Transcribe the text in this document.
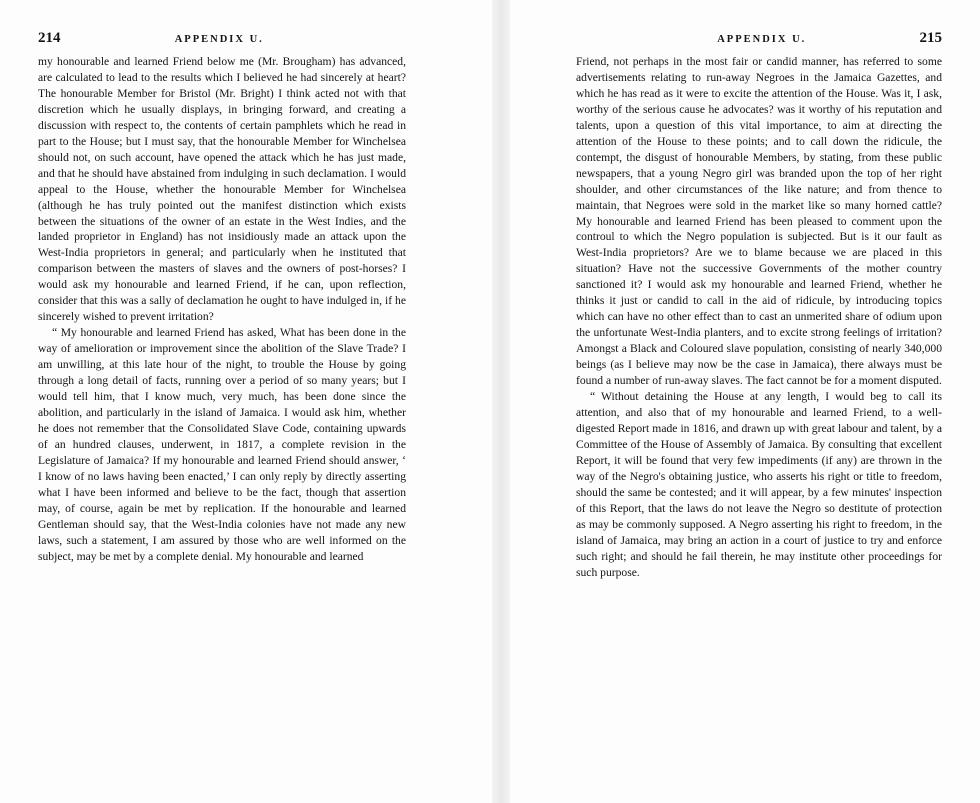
214	APPENDIX U.

my honourable and learned Friend below me (Mr. Brougham) has advanced, are calculated to lead to the results which I believed he had sincerely at heart? The honourable Member for Bristol (Mr. Bright) I think acted not with that discretion which he usually displays, in bringing forward, and creating a discussion with respect to, the contents of certain pamphlets which he read in part to the House; but I must say, that the honourable Member for Winchelsea should not, on such account, have opened the attack which he has just made, and that he should have abstained from indulging in such declamation. I would appeal to the House, whether the honourable Member for Winchelsea (although he has truly pointed out the manifest distinction which exists between the situations of the owner of an estate in the West Indies, and the landed proprietor in England) has not insidiously made an attack upon the West-India proprietors in general; and particularly when he instituted that comparison between the masters of slaves and the owners of post-horses? I would ask my honourable and learned Friend, if he can, upon reflection, consider that this was a sally of declamation he ought to have indulged in, if he sincerely wished to prevent irritation?

“ My honourable and learned Friend has asked, What has been done in the way of amelioration or improvement since the abolition of the Slave Trade? I am unwilling, at this late hour of the night, to trouble the House by going through a long detail of facts, running over a period of so many years; but I would tell him, that I know much, very much, has been done since the abolition, and particularly in the island of Jamaica. I would ask him, whether he does not remember that the Consolidated Slave Code, containing upwards of an hundred clauses, underwent, in 1817, a complete revision in the Legislature of Jamaica? If my honourable and learned Friend should answer, ‘ I know of no laws having been enacted,’ I can only reply by directly asserting what I have been informed and believe to be the fact, though that assertion may, of course, again be met by replication. If the honourable and learned Gentleman should say, that the West-India colonies have not made any new laws, such a statement, I am assured by those who are well informed on the subject, may be met by a complete denial. My honourable and learned

APPENDIX U.	215

Friend, not perhaps in the most fair or candid manner, has referred to some advertisements relating to run-away Negroes in the Jamaica Gazettes, and which he has read as it were to excite the attention of the House. Was it, I ask, worthy of the serious cause he advocates? was it worthy of his reputation and talents, upon a question of this vital importance, to aim at directing the attention of the House to these points; and to call down the ridicule, the contempt, the disgust of honourable Members, by stating, from these public newspapers, that a young Negro girl was branded upon the top of her right shoulder, and other circumstances of the like nature; and from thence to maintain, that Negroes were sold in the market like so many horned cattle? My honourable and learned Friend has been pleased to comment upon the controul to which the Negro population is subjected. But is it our fault as West-India proprietors? Are we to blame because we are placed in this situation? Have not the successive Governments of the mother country sanctioned it? I would ask my honourable and learned Friend, whether he thinks it just or candid to call in the aid of ridicule, by introducing topics which can have no other effect than to cast an unmerited share of odium upon the unfortunate West-India planters, and to excite strong feelings of irritation? Amongst a Black and Coloured slave population, consisting of nearly 340,000 beings (as I believe may now be the case in Jamaica), there always must be found a number of run-away slaves. The fact cannot be for a moment disputed.

“ Without detaining the House at any length, I would beg to call its attention, and also that of my honourable and learned Friend, to a well-digested Report made in 1816, and drawn up with great labour and talent, by a Committee of the House of Assembly of Jamaica. By consulting that excellent Report, it will be found that very few impediments (if any) are thrown in the way of the Negro's obtaining justice, who asserts his right or title to freedom, should the same be contested; and it will appear, by a few minutes' inspection of this Report, that the laws do not leave the Negro so destitute of protection as may be commonly supposed. A Negro asserting his right to freedom, in the island of Jamaica, may bring an action in a court of justice to try and enforce such right; and should he fail therein, he may institute other proceedings for such purpose.
